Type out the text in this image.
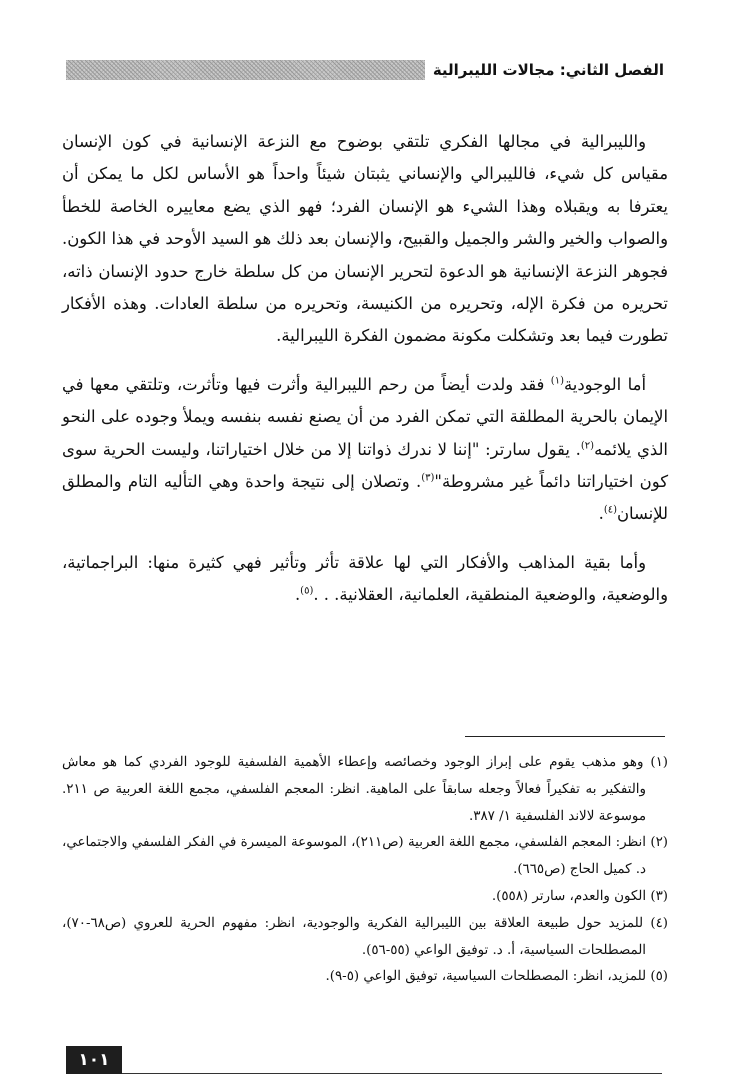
الفصل الثاني: مجالات الليبرالية

والليبرالية في مجالها الفكري تلتقي بوضوح مع النزعة الإنسانية في كون الإنسان مقياس كل شيء، فالليبرالي والإنساني يثبتان شيئاً واحداً هو الأساس لكل ما يمكن أن يعترفا به ويقبلاه وهذا الشيء هو الإنسان الفرد؛ فهو الذي يضع معاييره الخاصة للخطأ والصواب والخير والشر والجميل والقبيح، والإنسان بعد ذلك هو السيد الأوحد في هذا الكون. فجوهر النزعة الإنسانية هو الدعوة لتحرير الإنسان من كل سلطة خارج حدود الإنسان ذاته، تحريره من فكرة الإله، وتحريره من الكنيسة، وتحريره من سلطة العادات. وهذه الأفكار تطورت فيما بعد وتشكلت مكونة مضمون الفكرة الليبرالية.

أما الوجودية$^{(١)}$ فقد ولدت أيضاً من رحم الليبرالية وأثرت فيها وتأثرت، وتلتقي معها في الإيمان بالحرية المطلقة التي تمكن الفرد من أن يصنع نفسه بنفسه ويملأ وجوده على النحو الذي يلائمه$^{(٢)}$. يقول سارتر: "إننا لا ندرك ذواتنا إلا من خلال اختياراتنا، وليست الحرية سوى كون اختياراتنا دائماً غير مشروطة"$^{(٣)}$. وتصلان إلى نتيجة واحدة وهي التأليه التام والمطلق للإنسان$^{(٤)}$.

وأما بقية المذاهب والأفكار التي لها علاقة تأثر وتأثير فهي كثيرة منها: البراجماتية، والوضعية، والوضعية المنطقية، العلمانية، العقلانية. . .$^{(٥)}$.

(١) وهو مذهب يقوم على إبراز الوجود وخصائصه وإعطاء الأهمية الفلسفية للوجود الفردي كما هو معاش والتفكير به تفكيراً فعالاً وجعله سابقاً على الماهية. انظر: المعجم الفلسفي، مجمع اللغة العربية ص ٢١١. موسوعة لالاند الفلسفية ١/ ٣٨٧.

(٢) انظر: المعجم الفلسفي، مجمع اللغة العربية (ص٢١١)، الموسوعة الميسرة في الفكر الفلسفي والاجتماعي، د. كميل الحاج (ص٦٦٥).

(٣) الكون والعدم، سارتر (٥٥٨).

(٤) للمزيد حول طبيعة العلاقة بين الليبرالية الفكرية والوجودية، انظر: مفهوم الحرية للعروي (ص٦٨-٧٠)، المصطلحات السياسية، أ. د. توفيق الواعي (٥٥-٥٦).

(٥) للمزيد، انظر: المصطلحات السياسية، توفيق الواعي (٥-٩).

١٠١
